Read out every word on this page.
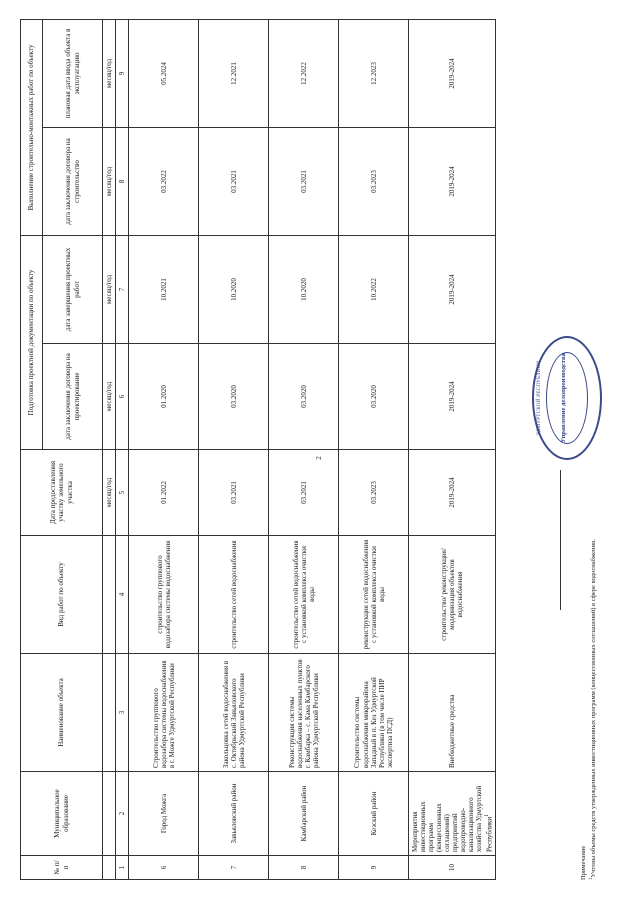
2
№ п/п	Муниципальное образование	Наименование объекта	Вид работ по объекту	Дата предоставления участку земельного участка	Подготовка проектной документации по объекту		Выполнение строительно-монтажных работ по объекту	
					дата заключения договора на проектирование	дата завершения проектных работ	дата заключения договора на строительство	плановая дата ввода объекта в эксплуатацию
				месяц/год	месяц/год	месяц/год	месяц/год	месяц/год
1	2	3	4	5	6	7	8	9
6	Город Можга	Строительство группового водозабора системы водоснабжения в г. Можге Удмуртской Республики	строительство группового водозабора системы водоснабжения	01.2022	01.2020	10.2021	03.2022	05.2024
7	Завьяловский район	Закольцовка сетей водоснабжения в с. Октябрьский Завьяловского района Удмуртской Республики	строительство сетей водоснабжения	03.2021	03.2020	10.2020	03.2021	12.2021
8	Камбарский район	Реконструкция системы водоснабжения населенных пунктов г. Камбарка – с. Кама Камбарского района Удмуртской Республики	строительство сетей водоснабжения с установкой комплекса очистки воды	03.2021	03.2020	10.2020	03.2021	12.2022
9	Кезский район	Строительство системы водоснабжения микрорайона Западный в п. Кез Удмуртской Республики (в том числе ПИР экспертиза ПСД)	реконструкция сетей водоснабжения с установкой комплекса очистки воды	03.2023	03.2020	10.2022	03.2023	12.2023
10	Мероприятия инвестиционных программ (концессионных соглашений) предприятий водопроводно-канализационного хозяйства Удмуртской Республики$^1$	Внебюджетные средства	строительство/ реконструкция/ модернизация объектов водоснабжения	2019-2024	2019-2024	2019-2024	2019-2024	2019-2024
УДМУРТСКОЙ РЕСПУБЛИКИ	Управление делопроизводства
Примечание $^1$Учтены объемы средств утвержденных инвестиционных программ (концессионных соглашений) в сфере водоснабжения.
